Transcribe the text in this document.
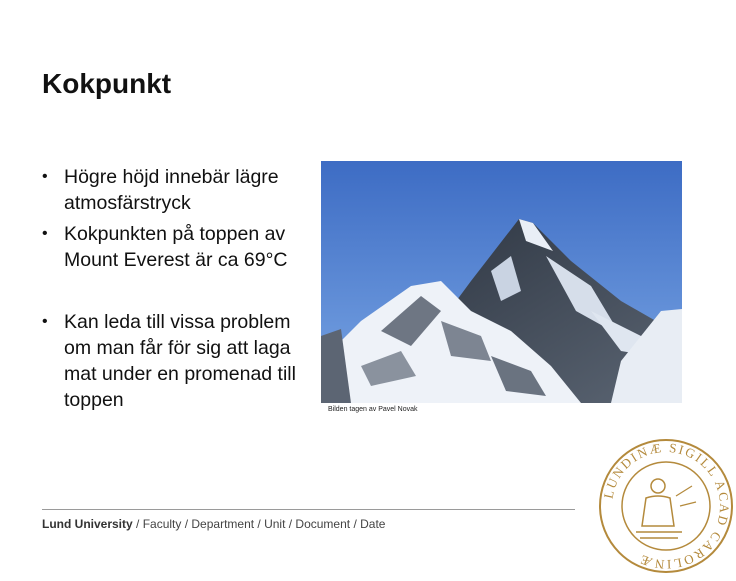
Kokpunkt
• Högre höjd innebär lägre atmosfärstryck
• Kokpunkten på toppen av Mount Everest är ca 69°C
• Kan leda till vissa problem om man får för sig att laga mat under en promenad till toppen	Bilden tagen av Pavel Novak
Lund University / Faculty / Department / Unit / Document / Date
LUNDINÆ SIGILL ACAD CAROLINÆ
